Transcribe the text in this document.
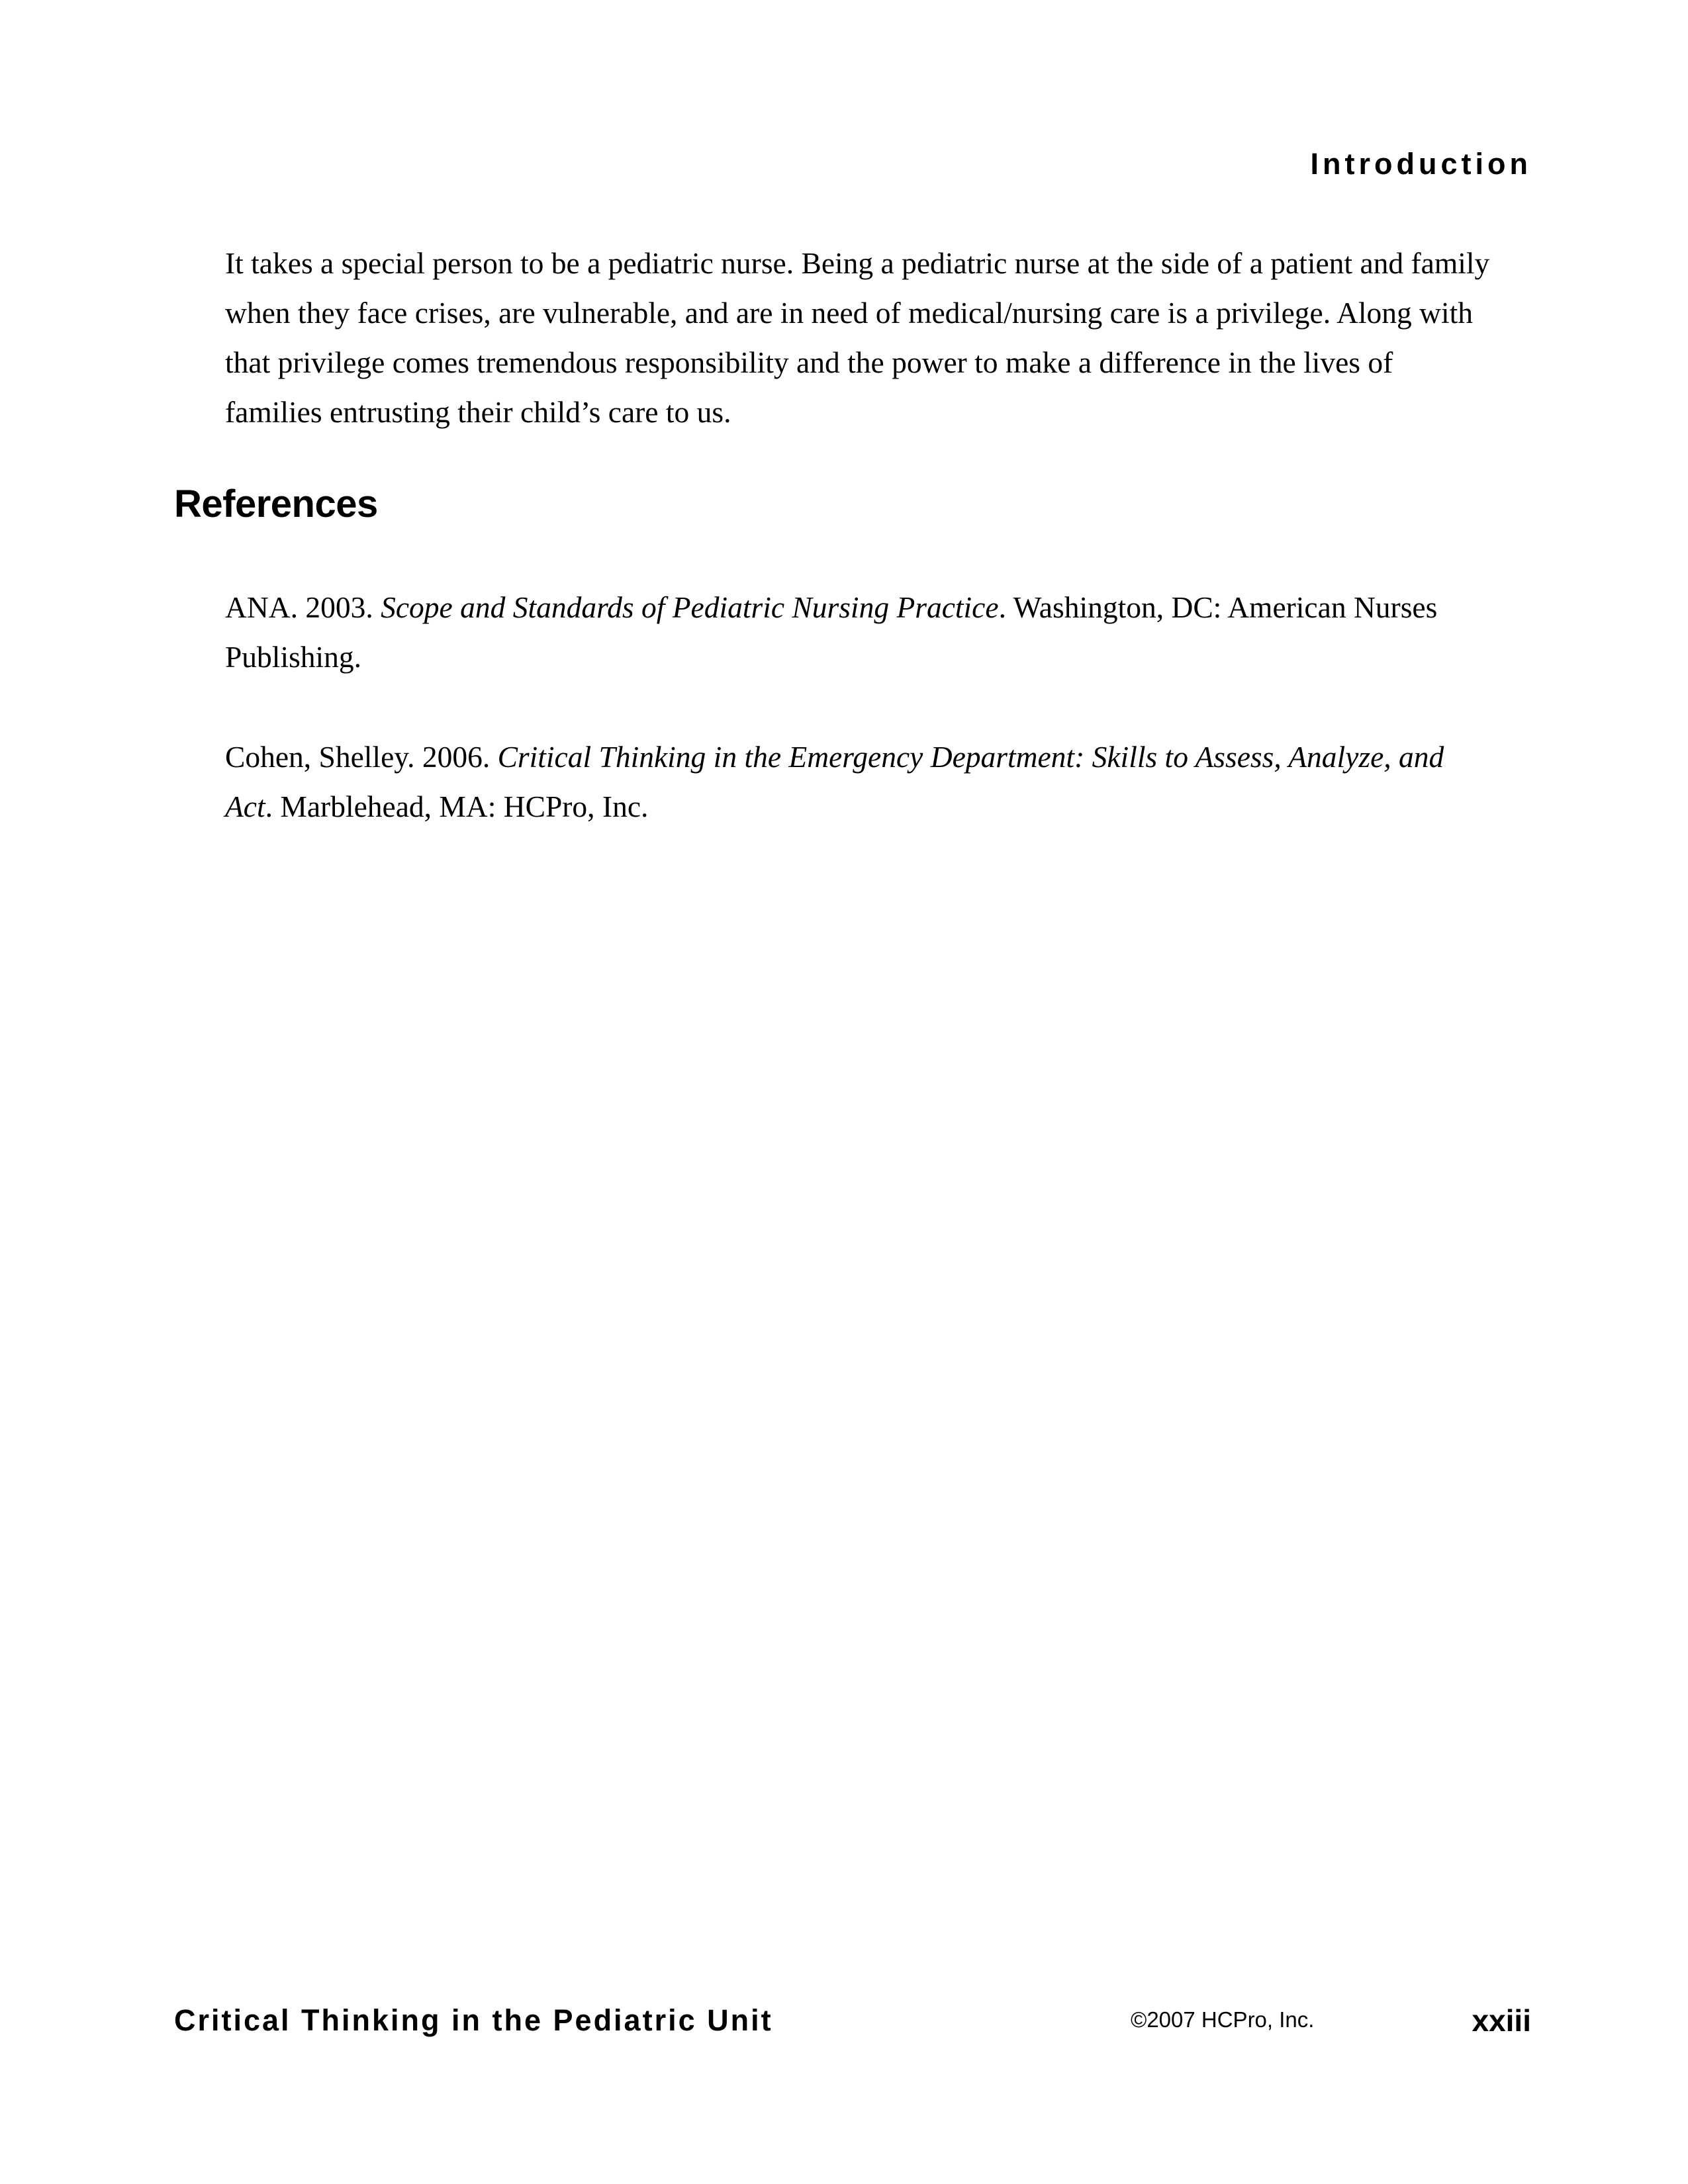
Introduction

It takes a special person to be a pediatric nurse. Being a pediatric nurse at the side of a patient and family when they face crises, are vulnerable, and are in need of medical/nursing care is a privilege. Along with that privilege comes tremendous responsibility and the power to make a difference in the lives of families entrusting their child’s care to us.

References

ANA. 2003. Scope and Standards of Pediatric Nursing Practice. Washington, DC: American Nurses Publishing.

Cohen, Shelley. 2006. Critical Thinking in the Emergency Department: Skills to Assess, Analyze, and Act. Marblehead, MA: HCPro, Inc.

Critical Thinking in the Pediatric Unit	©2007 HCPro, Inc.	xxiii
